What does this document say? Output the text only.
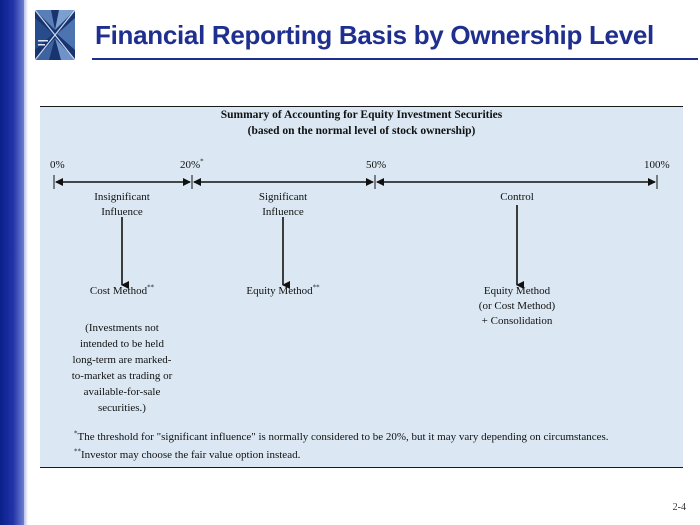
Financial Reporting Basis by Ownership Level
Summary of Accounting for Equity Investment Securities
(based on the normal level of stock ownership)
0%	20%*	50%	100%
Insignificant
Influence
Significant
Influence
Control
Cost Method**	Equity Method**	Equity Method
(or Cost Method)
+ Consolidation
(Investments not
intended to be held
long-term are marked-
to-market as trading or
available-for-sale
securities.)
*The threshold for "significant influence" is normally considered to be 20%, but it may vary depending on circumstances.
**Investor may choose the fair value option instead.
2-4
